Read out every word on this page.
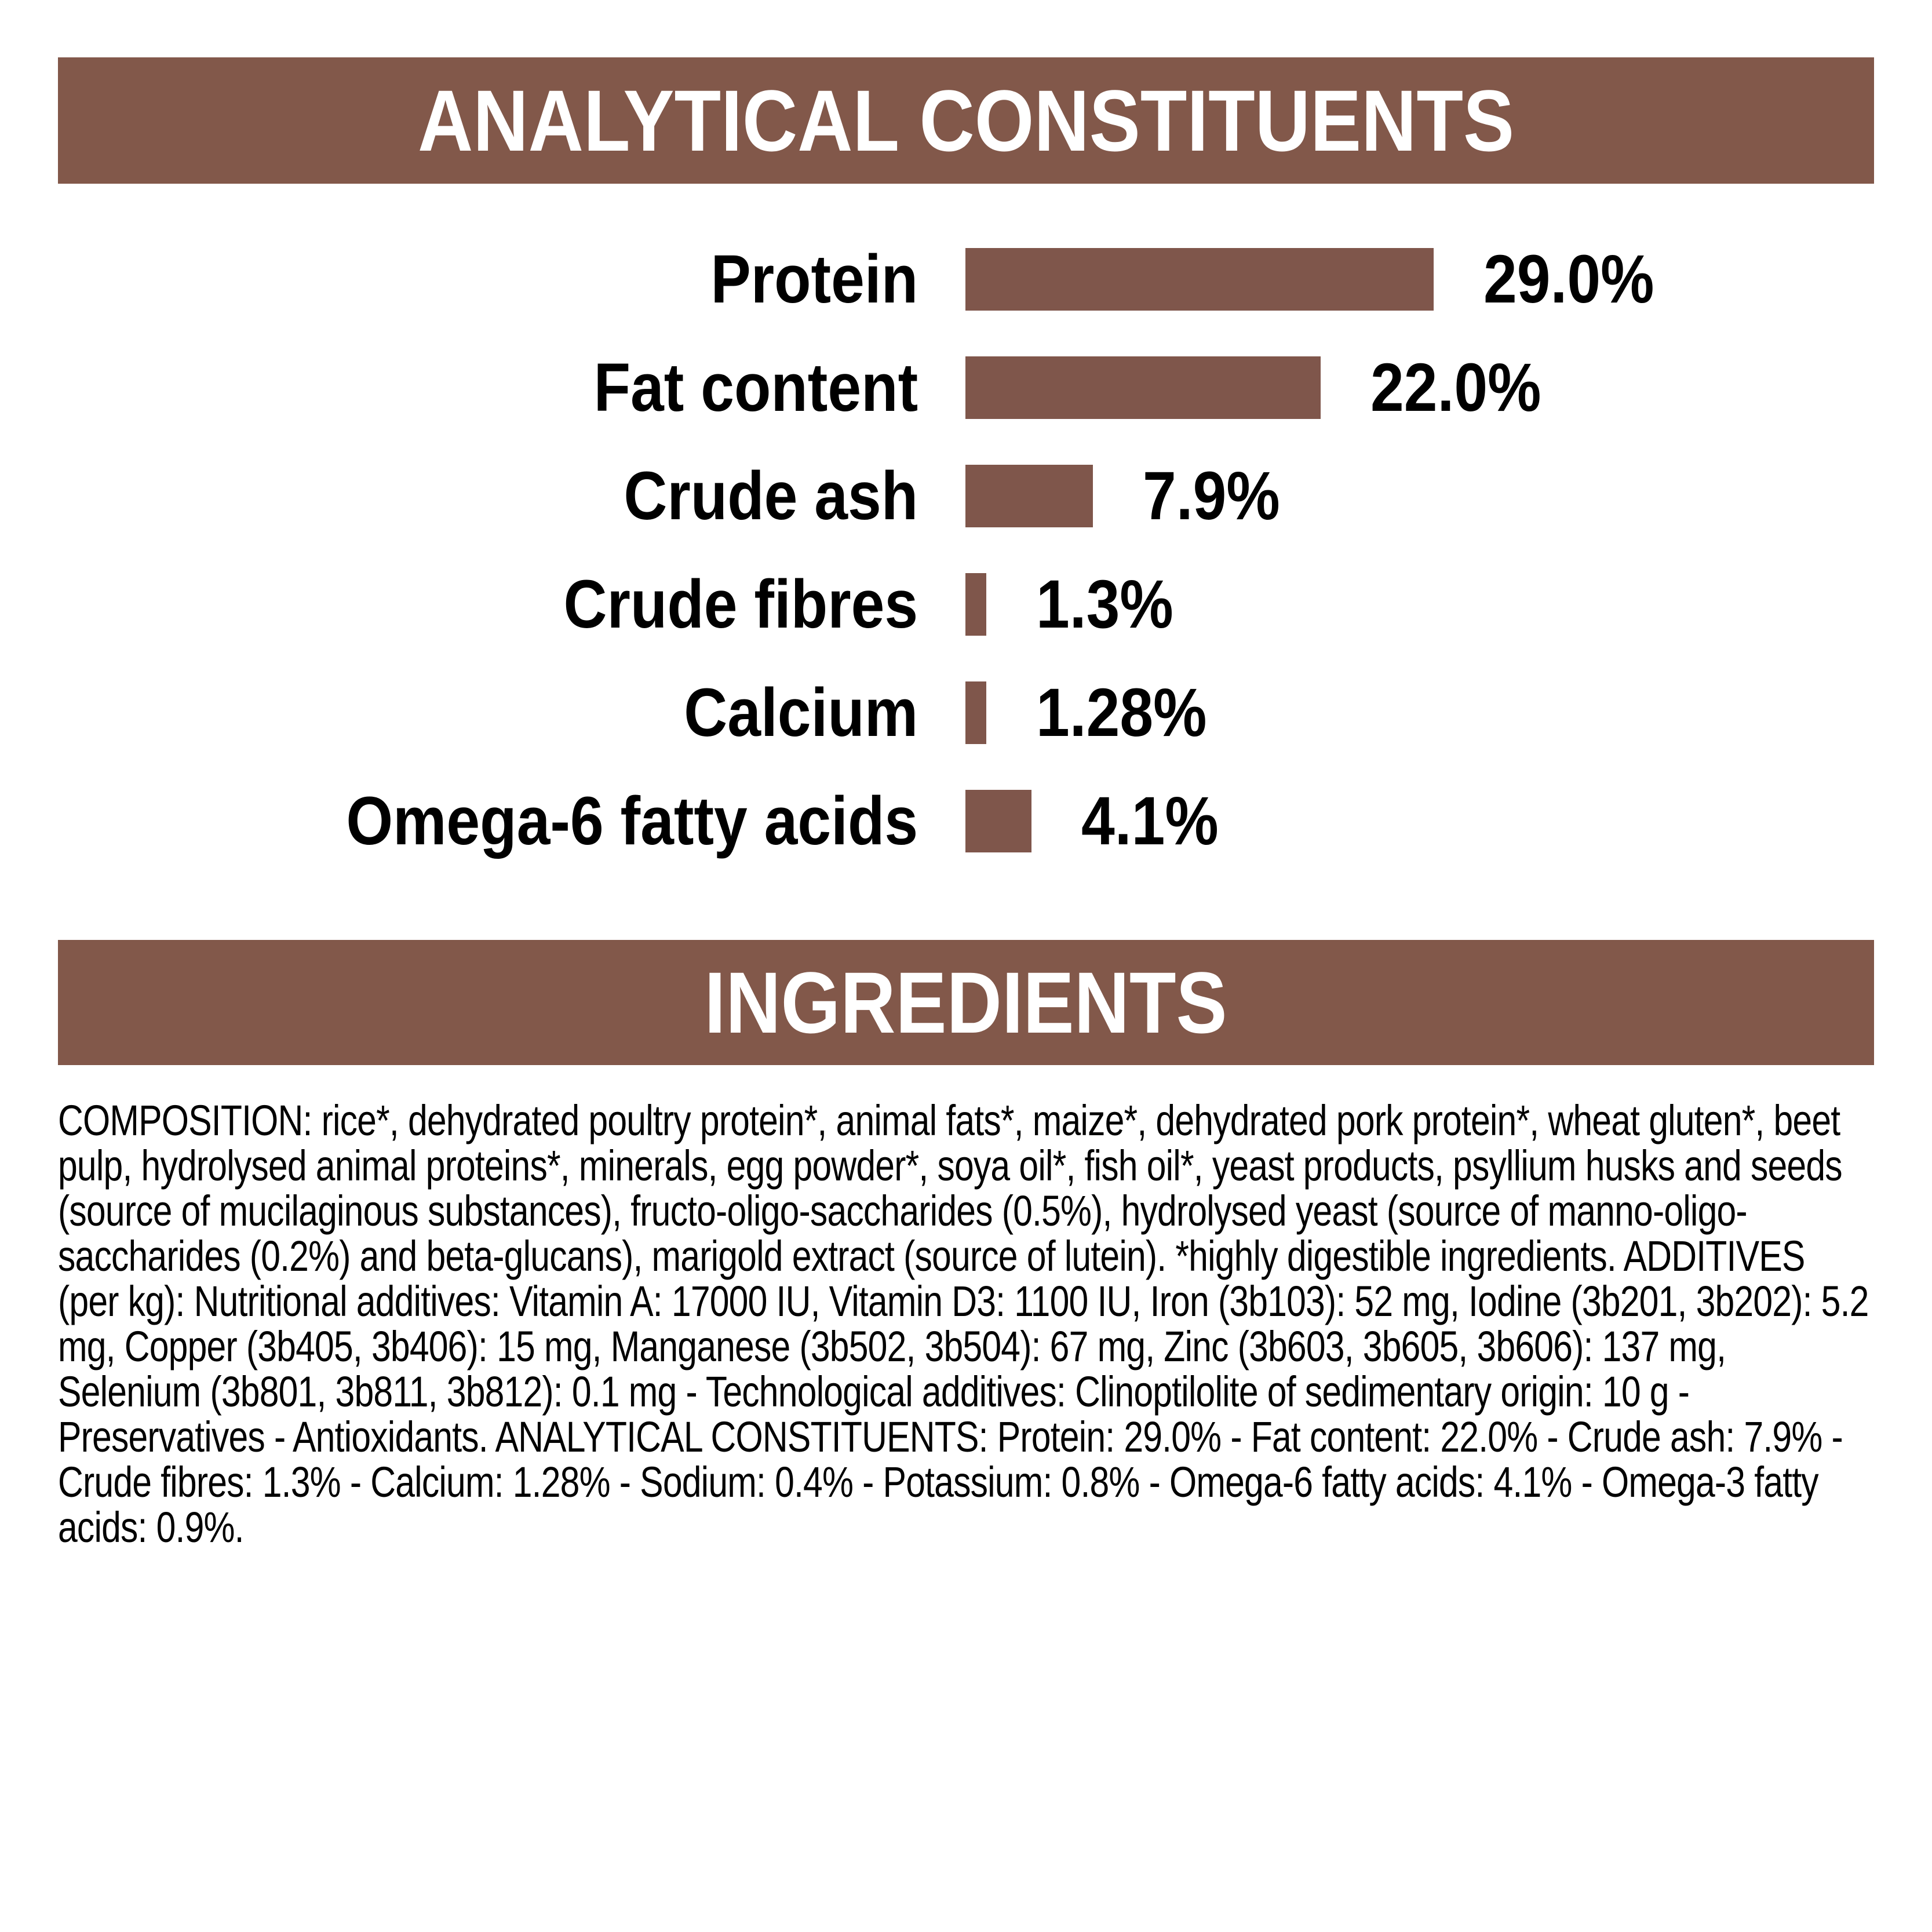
ANALYTICAL CONSTITUENTS
Protein	29.0%
Fat content	22.0%
Crude ash	7.9%
Crude fibres	1.3%
Calcium	1.28%
Omega-6 fatty acids	4.1%
INGREDIENTS

COMPOSITION: rice*, dehydrated poultry protein*, animal fats*, maize*, dehydrated pork protein*, wheat gluten*, beet pulp, hydrolysed animal proteins*, minerals, egg powder*, soya oil*, fish oil*, yeast products, psyllium husks and seeds (source of mucilaginous substances), fructo-oligo-saccharides (0.5%), hydrolysed yeast (source of manno-oligo-saccharides (0.2%) and beta-glucans), marigold extract (source of lutein). *highly digestible ingredients. ADDITIVES (per kg): Nutritional additives: Vitamin A: 17000 IU, Vitamin D3: 1100 IU, Iron (3b103): 52 mg, Iodine (3b201, 3b202): 5.2 mg, Copper (3b405, 3b406): 15 mg, Manganese (3b502, 3b504): 67 mg, Zinc (3b603, 3b605, 3b606): 137 mg, Selenium (3b801, 3b811, 3b812): 0.1 mg - Technological additives: Clinoptilolite of sedimentary origin: 10 g - Preservatives - Antioxidants. ANALYTICAL CONSTITUENTS: Protein: 29.0% - Fat content: 22.0% - Crude ash: 7.9% - Crude fibres: 1.3% - Calcium: 1.28% - Sodium: 0.4% - Potassium: 0.8% - Omega-6 fatty acids: 4.1% - Omega-3 fatty acids: 0.9%.
